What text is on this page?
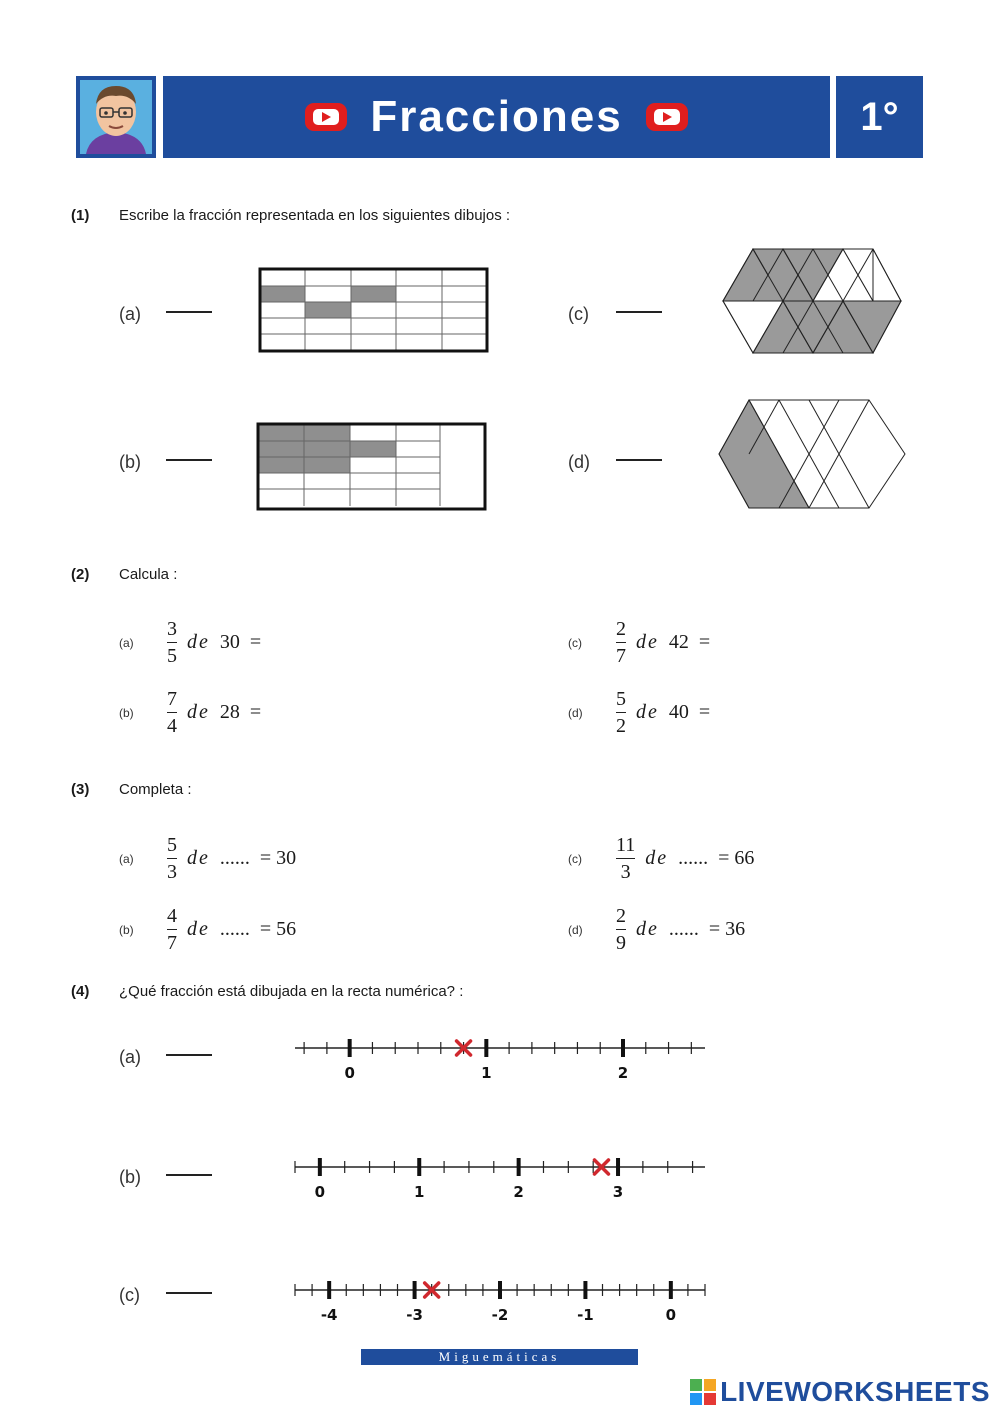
Fracciones	1°
(1) Escribe la fracción representada en los siguientes dibujos :
(a)
(b)
(c)
(d)
(2) Calcula :
(a)	$\frac{3}{5}$ de 30 =
(b)	$\frac{7}{4}$ de 28 =
(c)	$\frac{2}{7}$ de 42 =
(d)	$\frac{5}{2}$ de 40 =
(3) Completa :
(a)	$\frac{5}{3}$ de ...... = 30
(b)	$\frac{4}{7}$ de ...... = 56
(c)	$\frac{11}{3}$ de ...... = 66
(d)	$\frac{2}{9}$ de ...... = 36
(4) ¿Qué fracción está dibujada en la recta numérica? :
(a)
0	1	2
(b)
0	1	2	3
(c)
-4	-3	-2	-1	0
Miguemáticas
LIVEWORKSHEETS
